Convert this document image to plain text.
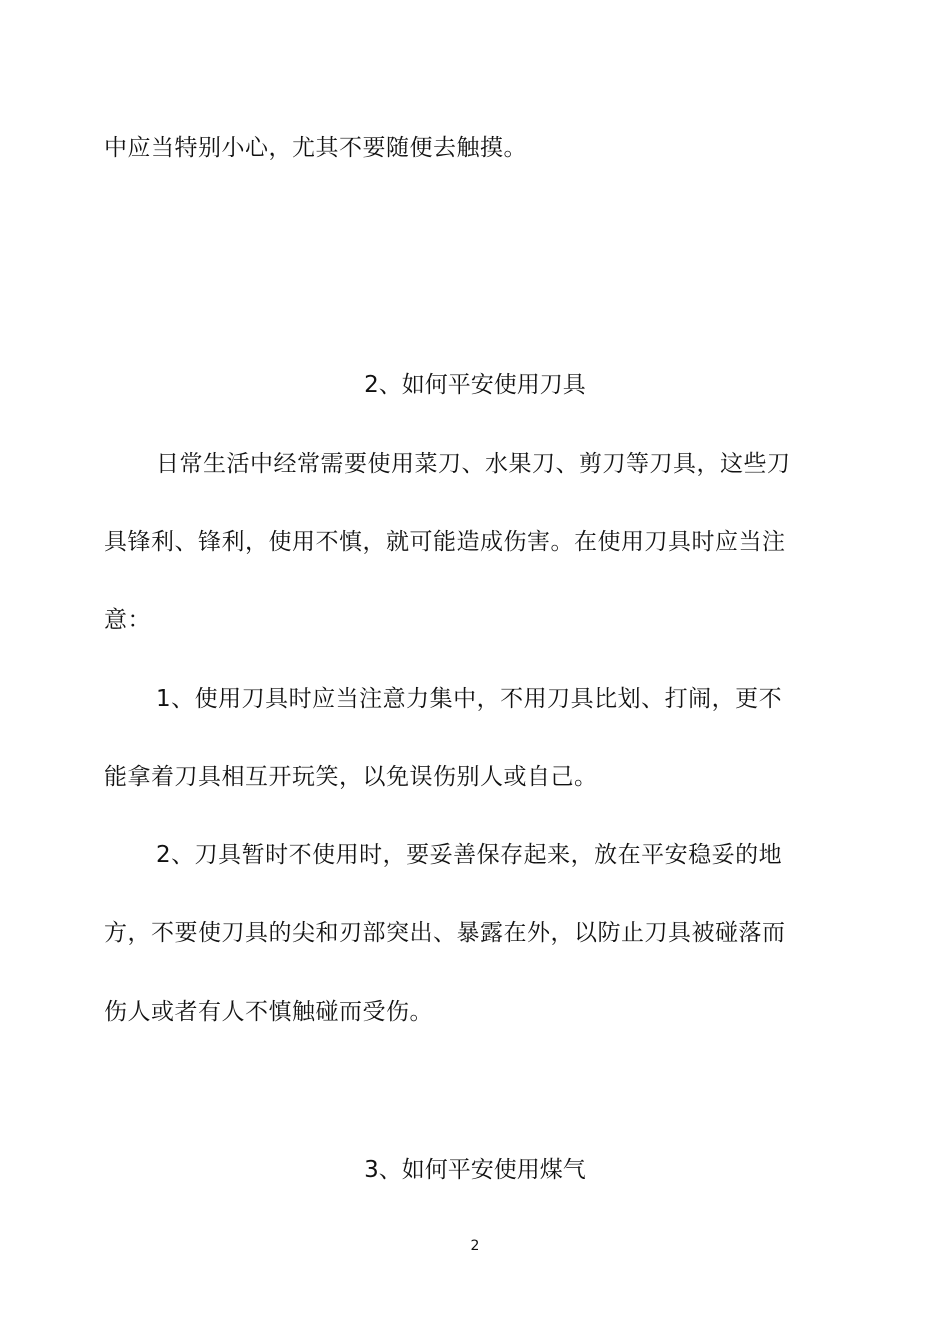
中应当特别小心，尤其不要随便去触摸。
2、如何平安使用刀具
日常生活中经常需要使用菜刀、水果刀、剪刀等刀具，这些刀
具锋利、锋利，使用不慎，就可能造成伤害。在使用刀具时应当注
意：
1、使用刀具时应当注意力集中，不用刀具比划、打闹，更不
能拿着刀具相互开玩笑，以免误伤别人或自己。
2、刀具暂时不使用时，要妥善保存起来，放在平安稳妥的地
方，不要使刀具的尖和刃部突出、暴露在外，以防止刀具被碰落而
伤人或者有人不慎触碰而受伤。
3、如何平安使用煤气
2
